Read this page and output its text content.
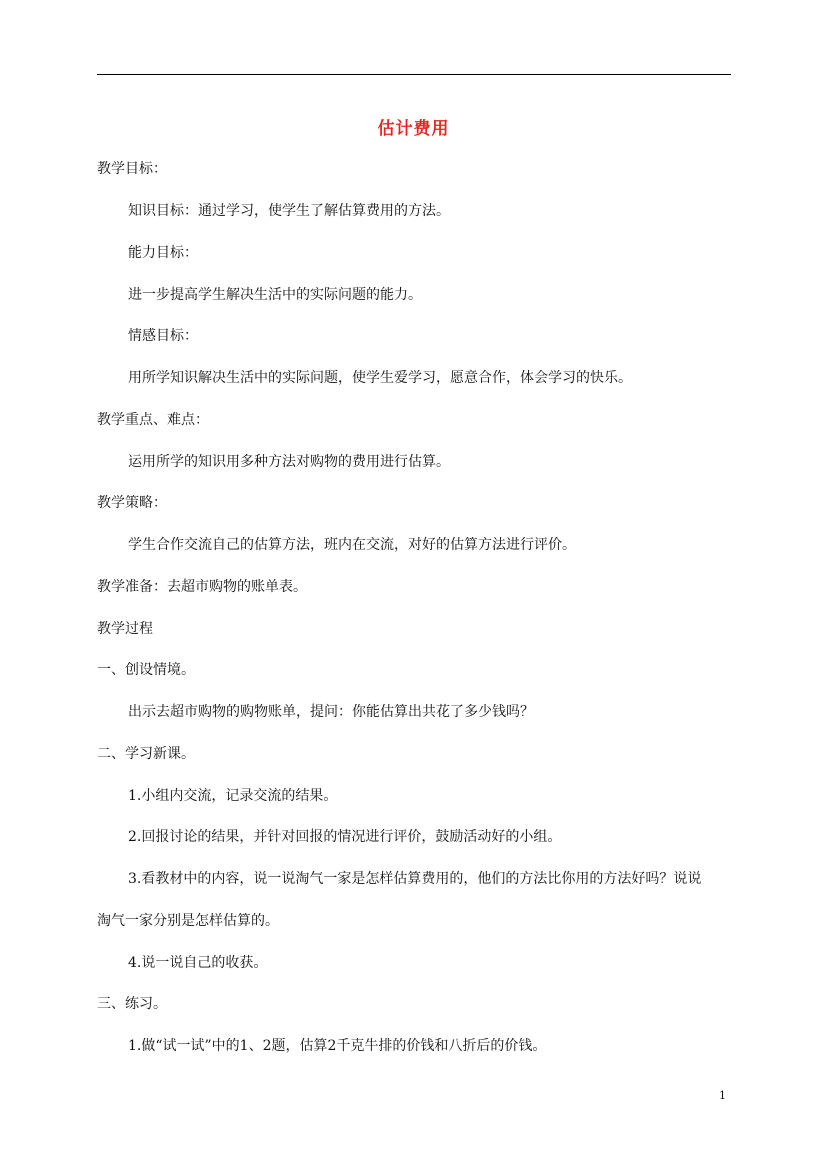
估计费用
教学目标：
知识目标：通过学习，使学生了解估算费用的方法。
能力目标：
进一步提高学生解决生活中的实际问题的能力。
情感目标：
用所学知识解决生活中的实际问题，使学生爱学习，愿意合作，体会学习的快乐。
教学重点、难点：
运用所学的知识用多种方法对购物的费用进行估算。
教学策略：
学生合作交流自己的估算方法，班内在交流，对好的估算方法进行评价。
教学准备：去超市购物的账单表。
教学过程
一、创设情境。
出示去超市购物的购物账单，提问：你能估算出共花了多少钱吗？
二、学习新课。
1.小组内交流，记录交流的结果。
2.回报讨论的结果，并针对回报的情况进行评价，鼓励活动好的小组。
3.看教材中的内容，说一说淘气一家是怎样估算费用的，他们的方法比你用的方法好吗？说说
淘气一家分别是怎样估算的。
4.说一说自己的收获。
三、练习。
1.做“试一试”中的1、2题，估算2千克牛排的价钱和八折后的价钱。
1
